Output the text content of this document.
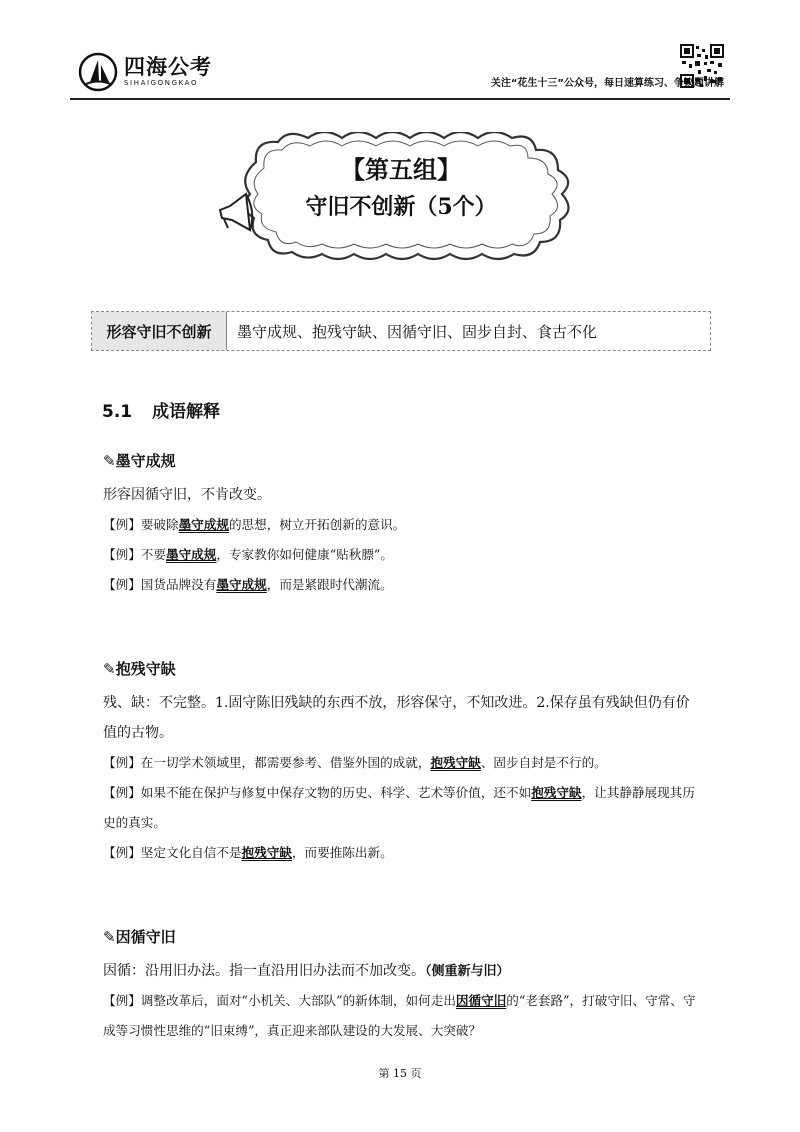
四海公考
SIHAIGONGKAO	关注“花生十三”公众号，每日速算练习、争议题讲解
【第五组】
守旧不创新（5个）
形容守旧不创新	墨守成规、抱残守缺、因循守旧、固步自封、食古不化
5.1 成语解释
✎墨守成规
形容因循守旧，不肯改变。
【例】要破除墨守成规的思想，树立开拓创新的意识。
【例】不要墨守成规，专家教你如何健康“贴秋膘”。
【例】国货品牌没有墨守成规，而是紧跟时代潮流。
✎抱残守缺
残、缺：不完整。1.固守陈旧残缺的东西不放，形容保守，不知改进。2.保存虽有残缺但仍有价值的古物。
【例】在一切学术领域里，都需要参考、借鉴外国的成就，抱残守缺、固步自封是不行的。
【例】如果不能在保护与修复中保存文物的历史、科学、艺术等价值，还不如抱残守缺，让其静静展现其历史的真实。
【例】坚定文化自信不是抱残守缺，而要推陈出新。
✎因循守旧
因循：沿用旧办法。指一直沿用旧办法而不加改变。（侧重新与旧）
【例】调整改革后，面对“小机关、大部队”的新体制，如何走出因循守旧的“老套路”，打破守旧、守常、守成等习惯性思维的“旧束缚”，真正迎来部队建设的大发展、大突破？
第 15 页
